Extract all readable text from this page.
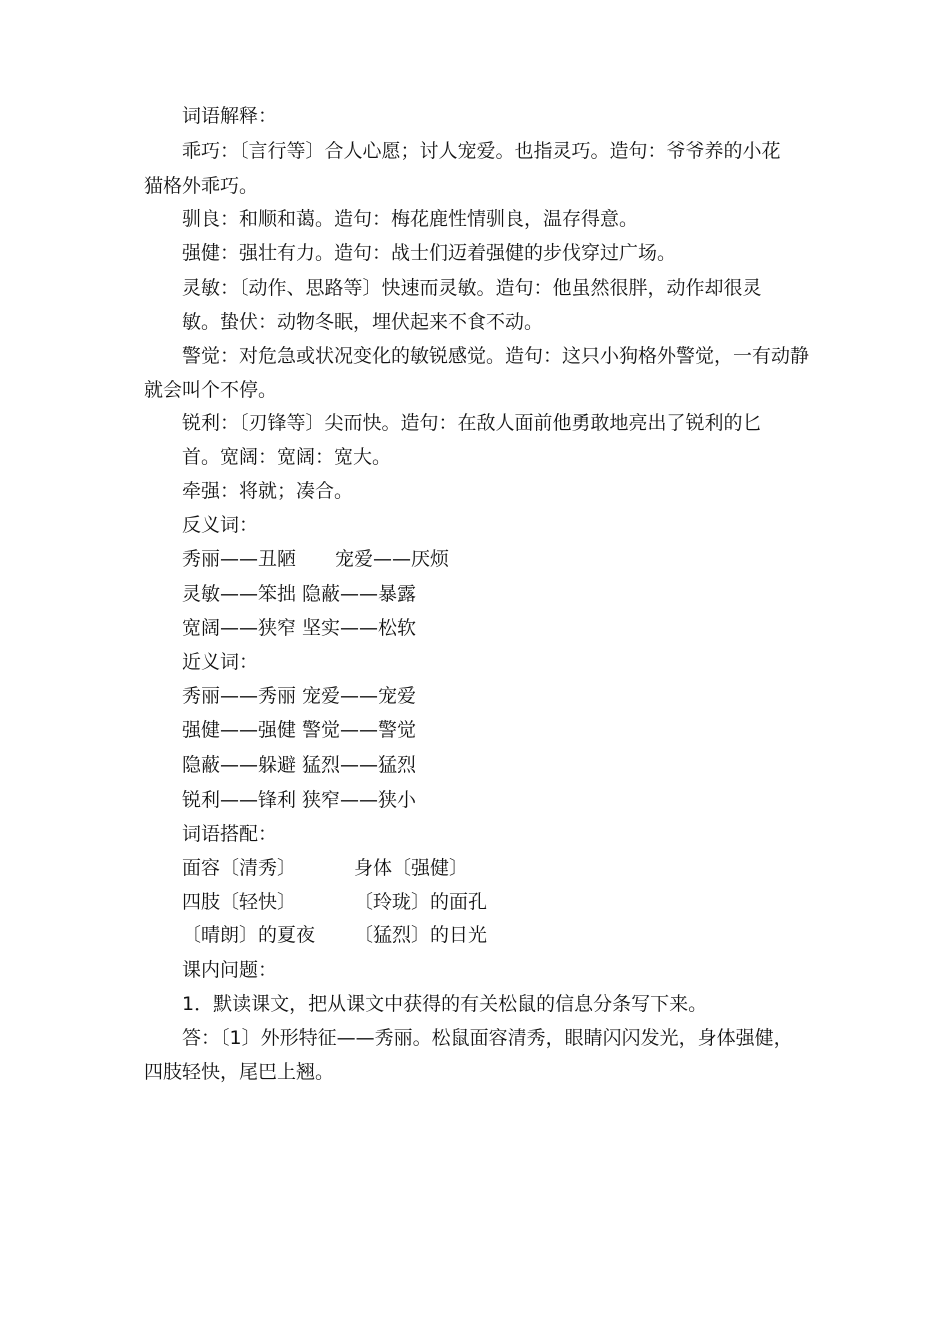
词语解释：
乖巧：〔言行等〕合人心愿；讨人宠爱。也指灵巧。造句：爷爷养的小花
猫格外乖巧。
驯良：和顺和蔼。造句：梅花鹿性情驯良，温存得意。
强健：强壮有力。造句：战士们迈着强健的步伐穿过广场。
灵敏：〔动作、思路等〕快速而灵敏。造句：他虽然很胖，动作却很灵
敏。蛰伏：动物冬眠，埋伏起来不食不动。
警觉：对危急或状况变化的敏锐感觉。造句：这只小狗格外警觉，一有动静
就会叫个不停。
锐利：〔刃锋等〕尖而快。造句：在敌人面前他勇敢地亮出了锐利的匕
首。宽阔：宽阔：宽大。
牵强：将就；凑合。
反义词：
秀丽——丑陋 宠爱——厌烦
灵敏——笨拙 隐蔽——暴露
宽阔——狭窄 坚实——松软
近义词：
秀丽——秀丽 宠爱——宠爱
强健——强健 警觉——警觉
隐蔽——躲避 猛烈——猛烈
锐利——锋利 狭窄——狭小
词语搭配：
面容〔清秀〕	身体〔强健〕
四肢〔轻快〕	〔玲珑〕的面孔
〔晴朗〕的夏夜 〔猛烈〕的日光
课内问题：
1．默读课文，把从课文中获得的有关松鼠的信息分条写下来。
答：〔1〕外形特征——秀丽。松鼠面容清秀，眼睛闪闪发光，身体强健，
四肢轻快，尾巴上翘。
